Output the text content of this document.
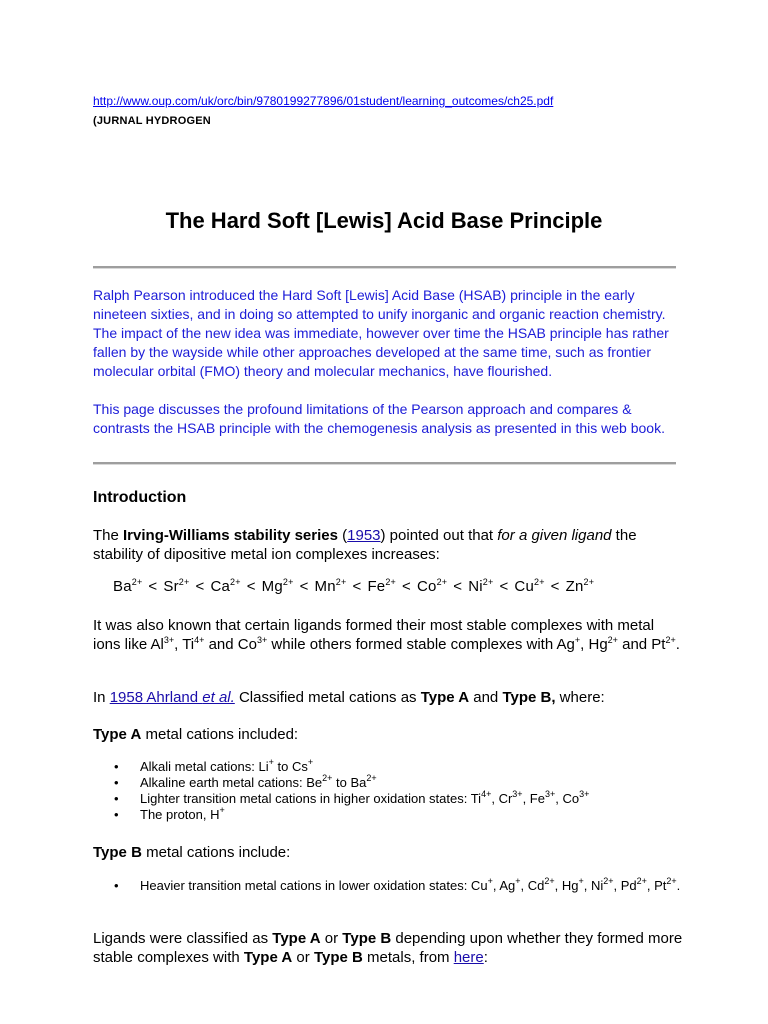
http://www.oup.com/uk/orc/bin/9780199277896/01student/learning_outcomes/ch25.pdf
(JURNAL HYDROGEN
The Hard Soft [Lewis] Acid Base Principle

Ralph Pearson introduced the Hard Soft [Lewis] Acid Base (HSAB) principle in the early nineteen sixties, and in doing so attempted to unify inorganic and organic reaction chemistry. The impact of the new idea was immediate, however over time the HSAB principle has rather fallen by the wayside while other approaches developed at the same time, such as frontier molecular orbital (FMO) theory and molecular mechanics, have flourished.

This page discusses the profound limitations of the Pearson approach and compares & contrasts the HSAB principle with the chemogenesis analysis as presented in this web book.

Introduction

The Irving-Williams stability series (1953) pointed out that for a given ligand the stability of dipositive metal ion complexes increases:

$Ba^{2+} < Sr^{2+} < Ca^{2+} < Mg^{2+} < Mn^{2+} < Fe^{2+} < Co^{2+} < Ni^{2+} < Cu^{2+} < Zn^{2+}$

It was also known that certain ligands formed their most stable complexes with metal ions like $Al^{3+}$, $Ti^{4+}$ and $Co^{3+}$ while others formed stable complexes with Ag+, $Hg^{2+}$ and $Pt^{2+}$.

In 1958 Ahrland et al. Classified metal cations as Type A and Type B, where:

Type A metal cations included:

• Alkali metal cations: Li+ to Cs+
• Alkaline earth metal cations: $Be^{2+}$ to $Ba^{2+}$
• Lighter transition metal cations in higher oxidation states: $Ti^{4+}$, $Cr^{3+}$, $Fe^{3+}$, $Co^{3+}$
• The proton, H+

Type B metal cations include:

• Heavier transition metal cations in lower oxidation states: Cu+, Ag+, $Cd^{2+}$, Hg+, $Ni^{2+}$, $Pd^{2+}$, $Pt^{2+}$.

Ligands were classified as Type A or Type B depending upon whether they formed more stable complexes with Type A or Type B metals, from here:
